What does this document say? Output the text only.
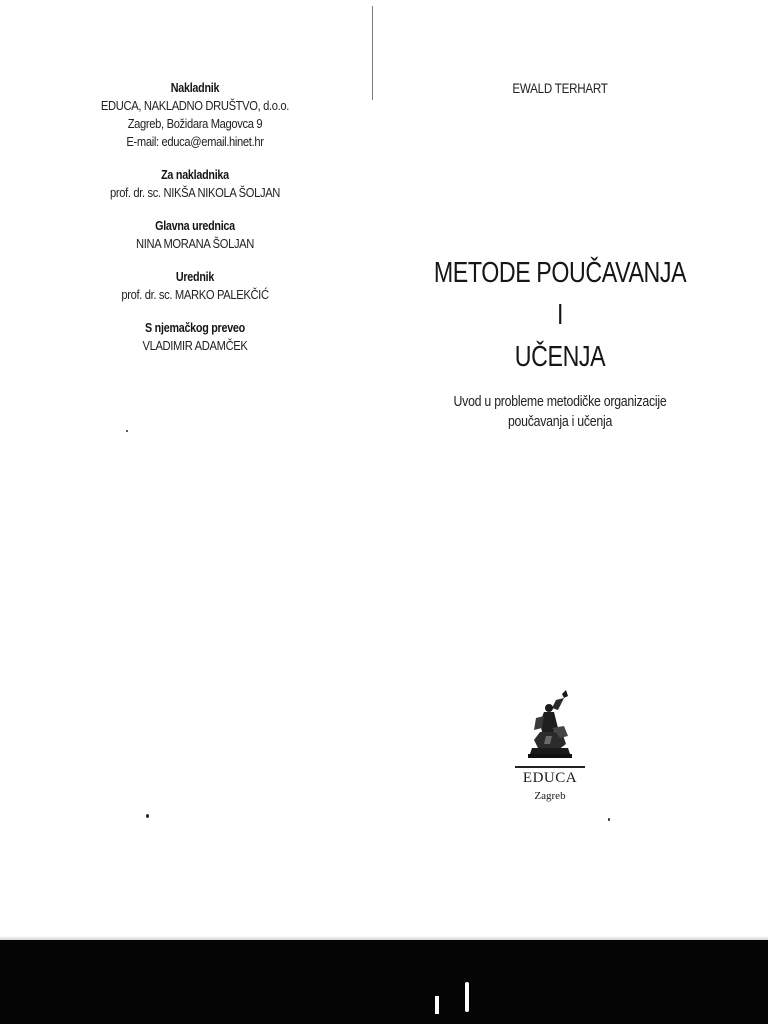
Nakladnik
EDUCA, NAKLADNO DRUŠTVO, d.o.o.
Zagreb, Božidara Magovca 9
E-mail: educa@email.hinet.hr
Za nakladnika
prof. dr. sc. NIKŠA NIKOLA ŠOLJAN
Glavna urednica
NINA MORANA ŠOLJAN
Urednik
prof. dr. sc. MARKO PALEKČIĆ
S njemačkog preveo
VLADIMIR ADAMČEK
EWALD TERHART
METODE POUČAVANJA I
UČENJA
Uvod u probleme metodičke organizacije
poučavanja i učenja
EDUCA
Zagreb
